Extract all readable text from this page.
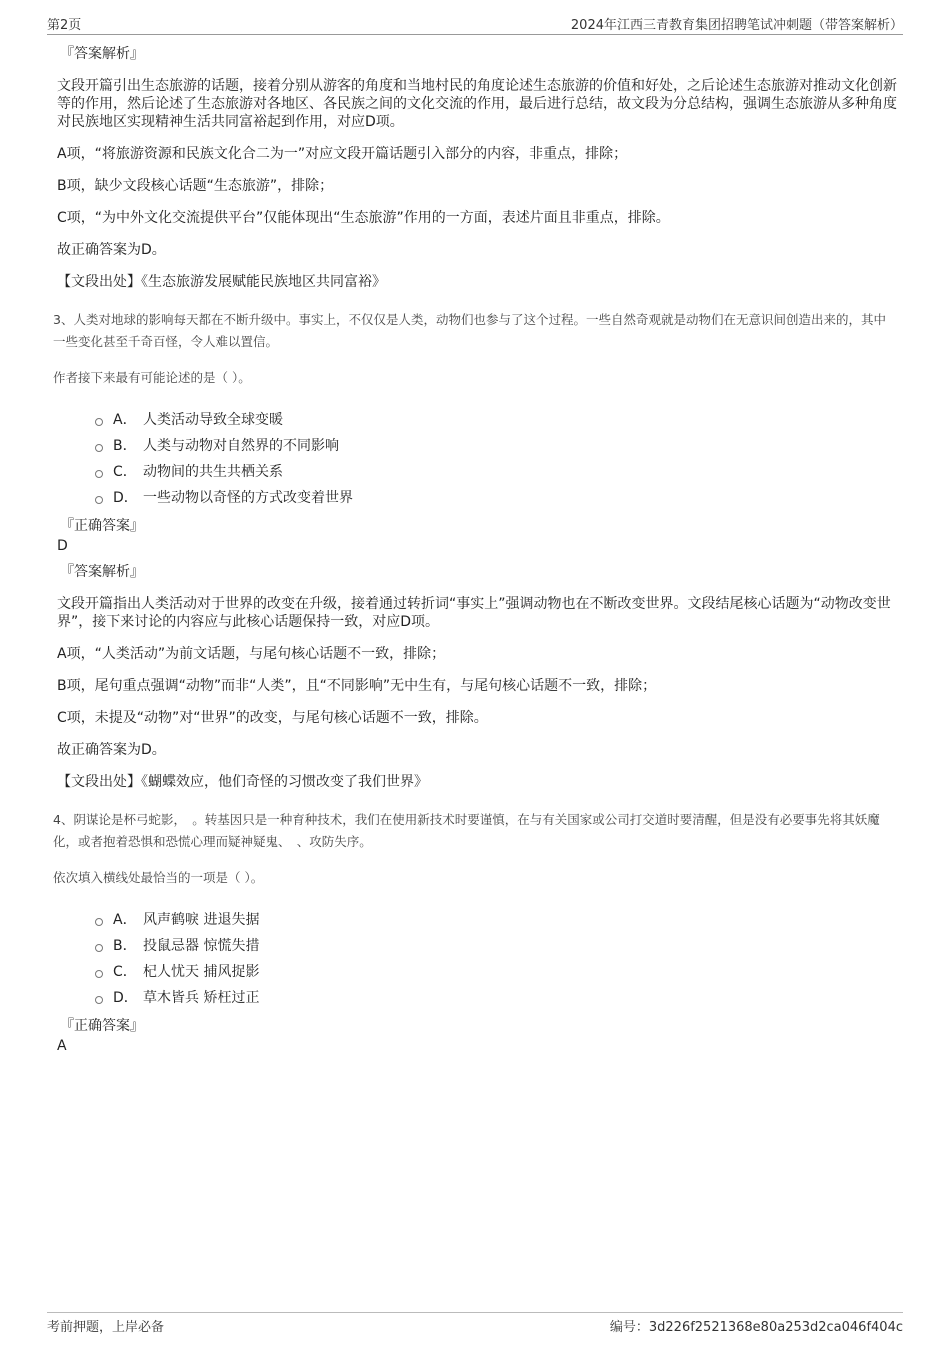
第2页	2024年江西三青教育集团招聘笔试冲刺题（带答案解析）
『答案解析』
文段开篇引出生态旅游的话题，接着分别从游客的角度和当地村民的角度论述生态旅游的价值和好处，之后论述生态旅游对推动文化创新等的作用，然后论述了生态旅游对各地区、各民族之间的文化交流的作用，最后进行总结，故文段为分总结构，强调生态旅游从多种角度对民族地区实现精神生活共同富裕起到作用，对应D项。
A项，“将旅游资源和民族文化合二为一”对应文段开篇话题引入部分的内容，非重点，排除；
B项，缺少文段核心话题“生态旅游”，排除；
C项，“为中外文化交流提供平台”仅能体现出“生态旅游”作用的一方面，表述片面且非重点，排除。
故正确答案为D。
【文段出处】《生态旅游发展赋能民族地区共同富裕》
3、人类对地球的影响每天都在不断升级中。事实上，不仅仅是人类，动物们也参与了这个过程。一些自然奇观就是动物们在无意识间创造出来的，其中一些变化甚至千奇百怪，令人难以置信。
作者接下来最有可能论述的是（ ）。
A． 人类活动导致全球变暖
B． 人类与动物对自然界的不同影响
C． 动物间的共生共栖关系
D． 一些动物以奇怪的方式改变着世界
『正确答案』
D
『答案解析』
文段开篇指出人类活动对于世界的改变在升级，接着通过转折词“事实上”强调动物也在不断改变世界。文段结尾核心话题为“动物改变世界”，接下来讨论的内容应与此核心话题保持一致，对应D项。
A项，“人类活动”为前文话题，与尾句核心话题不一致，排除；
B项，尾句重点强调“动物”而非“人类”，且“不同影响”无中生有，与尾句核心话题不一致，排除；
C项，未提及“动物”对“世界”的改变，与尾句核心话题不一致，排除。
故正确答案为D。
【文段出处】《蝴蝶效应，他们奇怪的习惯改变了我们世界》
4、阴谋论是杯弓蛇影，　。转基因只是一种育种技术，我们在使用新技术时要谨慎，在与有关国家或公司打交道时要清醒，但是没有必要事先将其妖魔化，或者抱着恐惧和恐慌心理而疑神疑鬼、　、攻防失序。
依次填入横线处最恰当的一项是（ ）。
A． 风声鹤唳 进退失据
B． 投鼠忌器 惊慌失措
C． 杞人忧天 捕风捉影
D． 草木皆兵 矫枉过正
『正确答案』
A
考前押题，上岸必备	编号：3d226f2521368e80a253d2ca046f404c
